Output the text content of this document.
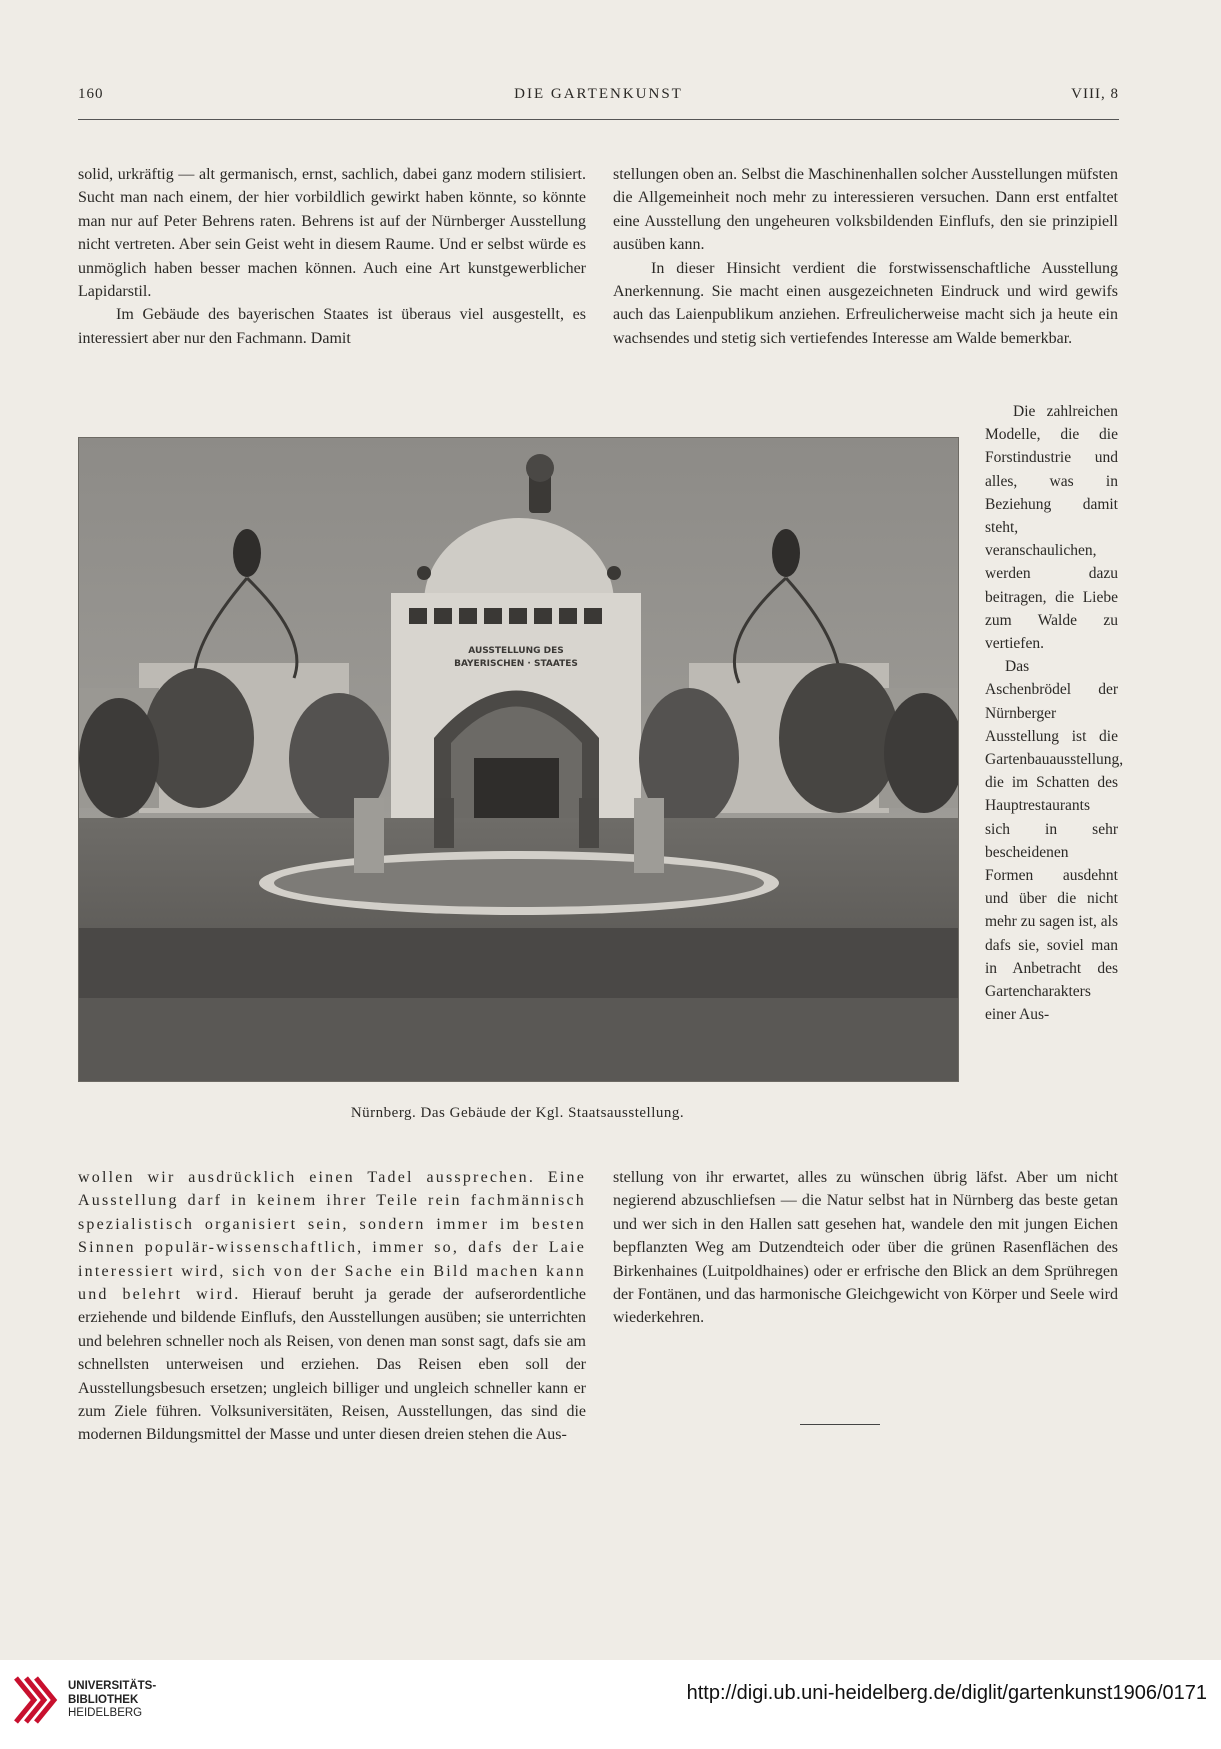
DIE GARTENKUNST
160	VIII, 8

solid, urkräftig — alt germanisch, ernst, sachlich, dabei ganz modern stilisiert. Sucht man nach einem, der hier vorbildlich gewirkt haben könnte, so könnte man nur auf Peter Behrens raten. Behrens ist auf der Nürnberger Ausstellung nicht vertreten. Aber sein Geist weht in diesem Raume. Und er selbst würde es unmöglich haben besser machen können. Auch eine Art kunstgewerblicher Lapidarstil.

Im Gebäude des bayerischen Staates ist überaus viel ausgestellt, es interessiert aber nur den Fachmann. Damit

stellungen oben an. Selbst die Maschinenhallen solcher Ausstellungen müfsten die Allgemeinheit noch mehr zu interessieren versuchen. Dann erst entfaltet eine Ausstellung den ungeheuren volksbildenden Einflufs, den sie prinzipiell ausüben kann.

In dieser Hinsicht verdient die forstwissenschaftliche Ausstellung Anerkennung. Sie macht einen ausgezeichneten Eindruck und wird gewifs auch das Laienpublikum anziehen. Erfreulicherweise macht sich ja heute ein wachsendes und stetig sich vertiefendes Interesse am Walde bemerkbar.

Die zahlreichen Modelle, die die Forstindustrie und alles, was in Beziehung damit steht, veranschaulichen, werden dazu beitragen, die Liebe zum Walde zu vertiefen.

Das Aschenbrödel der Nürnberger Ausstellung ist die Gartenbauausstellung, die im Schatten des Hauptrestaurants sich in sehr bescheidenen Formen ausdehnt und über die nicht mehr zu sagen ist, als dafs sie, soviel man in Anbetracht des Gartencharakters einer Aus-

AUSSTELLUNG DES
BAYERISCHEN · STAATES
Nürnberg. Das Gebäude der Kgl. Staatsausstellung.

wollen wir ausdrücklich einen Tadel aussprechen. Eine Ausstellung darf in keinem ihrer Teile rein fachmännisch spezialistisch organisiert sein, sondern immer im besten Sinnen populär-wissenschaftlich, immer so, dafs der Laie interessiert wird, sich von der Sache ein Bild machen kann und belehrt wird. Hierauf beruht ja gerade der aufserordentliche erziehende und bildende Einflufs, den Ausstellungen ausüben; sie unterrichten und belehren schneller noch als Reisen, von denen man sonst sagt, dafs sie am schnellsten unterweisen und erziehen. Das Reisen eben soll der Ausstellungsbesuch ersetzen; ungleich billiger und ungleich schneller kann er zum Ziele führen. Volksuniversitäten, Reisen, Ausstellungen, das sind die modernen Bildungsmittel der Masse und unter diesen dreien stehen die Aus-

stellung von ihr erwartet, alles zu wünschen übrig läfst. Aber um nicht negierend abzuschliefsen — die Natur selbst hat in Nürnberg das beste getan und wer sich in den Hallen satt gesehen hat, wandele den mit jungen Eichen bepflanzten Weg am Dutzendteich oder über die grünen Rasenflächen des Birkenhaines (Luitpoldhaines) oder er erfrische den Blick an dem Sprühregen der Fontänen, und das harmonische Gleichgewicht von Körper und Seele wird wiederkehren.

UNIVERSITÄTS-
BIBLIOTHEK
HEIDELBERG
http://digi.ub.uni-heidelberg.de/diglit/gartenkunst1906/0171
